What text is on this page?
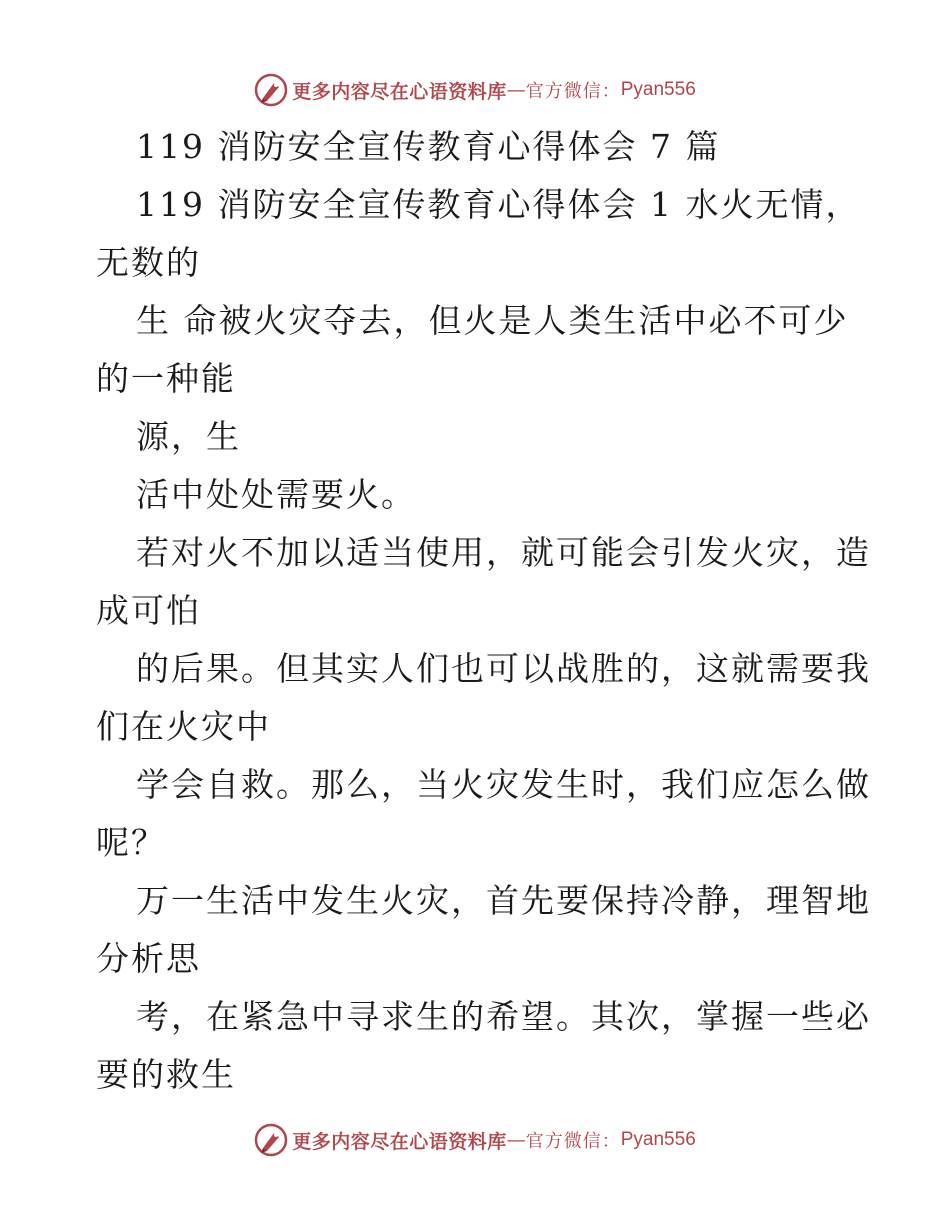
更多内容尽在心语资料库 — 官方微信： Pyan556
119 消防安全宣传教育心得体会 7 篇
119 消防安全宣传教育心得体会 1 水火无情，
无数的
生 命被火灾夺去，但火是人类生活中必不可少
的一种能
源，生
活中处处需要火。
若对火不加以适当使用，就可能会引发火灾，造
成可怕
的后果。但其实人们也可以战胜的，这就需要我
们在火灾中
学会自救。那么，当火灾发生时，我们应怎么做
呢？
万一生活中发生火灾，首先要保持冷静，理智地
分析思
考，在紧急中寻求生的希望。其次，掌握一些必
要的救生
更多内容尽在心语资料库 — 官方微信： Pyan556
